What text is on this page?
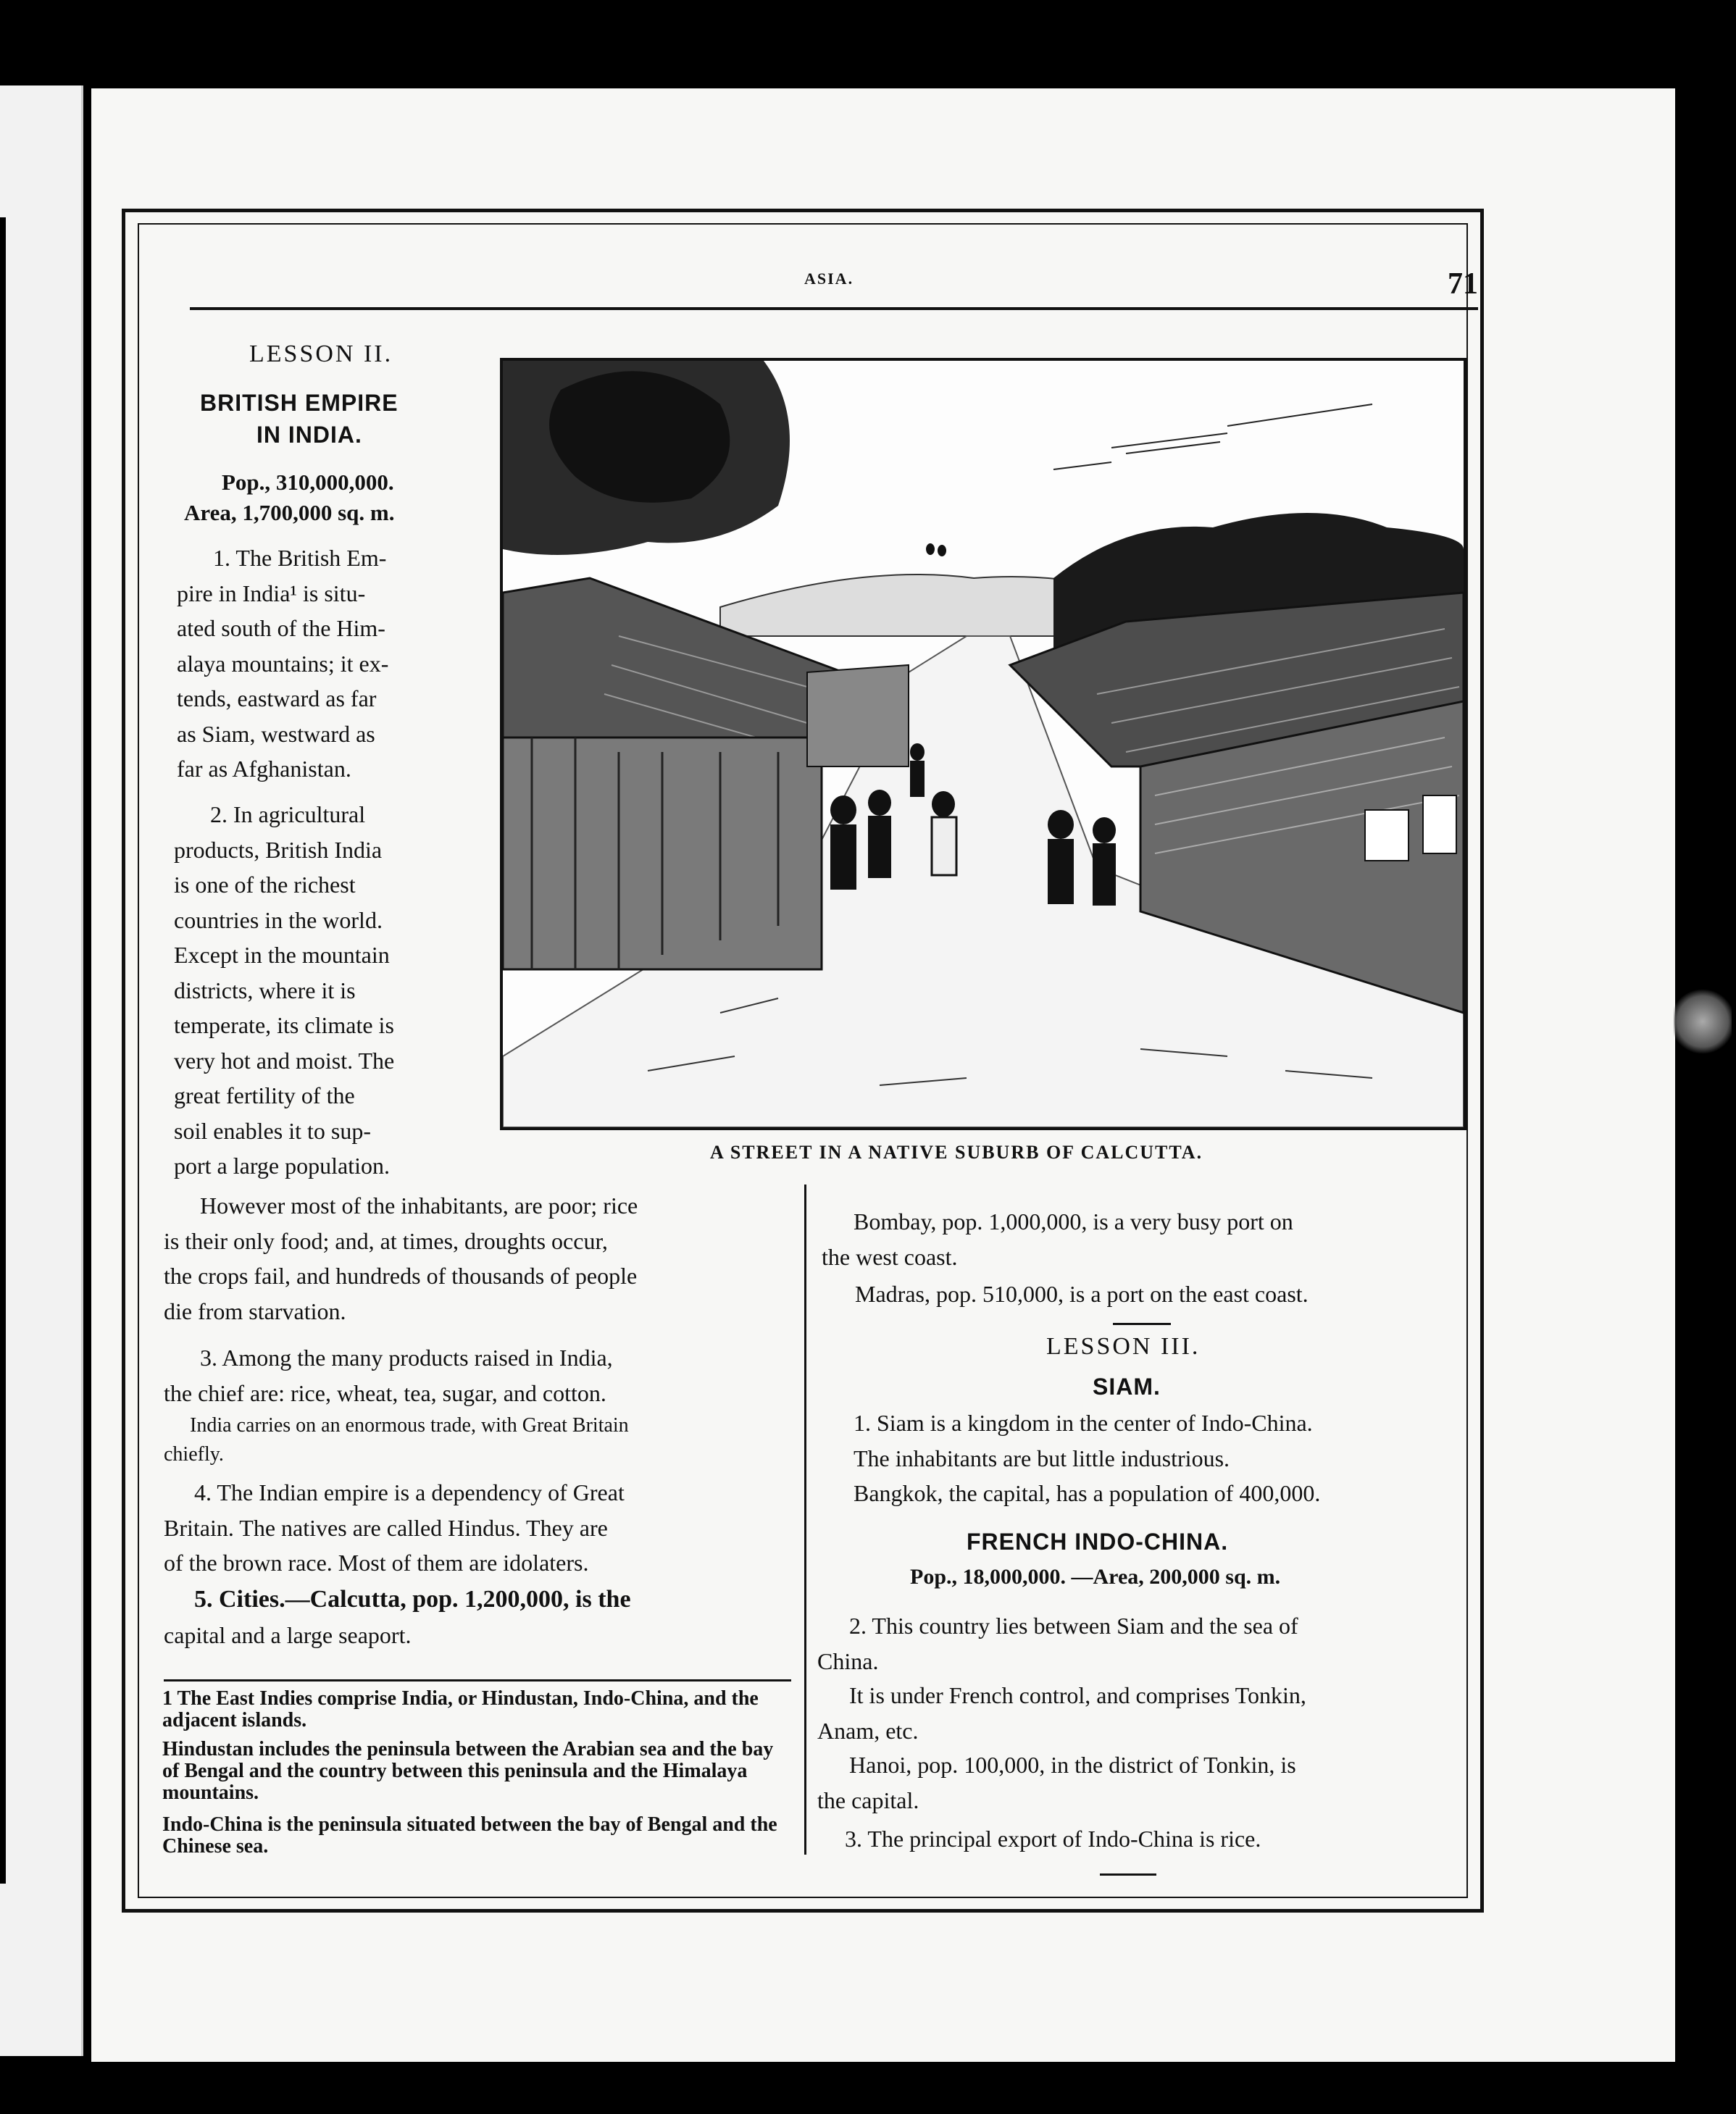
ASIA.	71

LESSON II.

BRITISH EMPIRE

IN INDIA.

Pop., 310,000,000.

Area, 1,700,000 sq. m.

1. The British Em-
pire in India¹ is situ-
ated south of the Him-
alaya mountains; it ex-
tends, eastward as far
as Siam, westward as
far as Afghanistan.
2. In agricultural
products, British India
is one of the richest
countries in the world.
Except in the mountain
districts, where it is
temperate, its climate is
very hot and moist. The
great fertility of the
soil enables it to sup-
port a large population.
A STREET IN A NATIVE SUBURB OF CALCUTTA.
However most of the inhabitants, are poor; rice
is their only food; and, at times, droughts occur,
the crops fail, and hundreds of thousands of people
die from starvation.
3. Among the many products raised in India,
the chief are: rice, wheat, tea, sugar, and cotton.
India carries on an enormous trade, with Great Britain
chiefly.
4. The Indian empire is a dependency of Great
Britain. The natives are called Hindus. They are
of the brown race. Most of them are idolaters.
5. Cities.—Calcutta, pop. 1,200,000, is the
capital and a large seaport.
1 The East Indies comprise India, or Hindustan, Indo-China, and the adjacent islands.
Hindustan includes the peninsula between the Arabian sea and the bay of Bengal and the country between this peninsula and the Himalaya mountains.
Indo-China is the peninsula situated between the bay of Bengal and the Chinese sea.
Bombay, pop. 1,000,000, is a very busy port on
the west coast.
Madras, pop. 510,000, is a port on the east coast.

LESSON III.

SIAM.

1. Siam is a kingdom in the center of Indo-China.
The inhabitants are but little industrious.
Bangkok, the capital, has a population of 400,000.

FRENCH INDO-CHINA.

Pop., 18,000,000. —Area, 200,000 sq. m.

2. This country lies between Siam and the sea of
China.
It is under French control, and comprises Tonkin,
Anam, etc.
Hanoi, pop. 100,000, in the district of Tonkin, is
the capital.
3. The principal export of Indo-China is rice.
